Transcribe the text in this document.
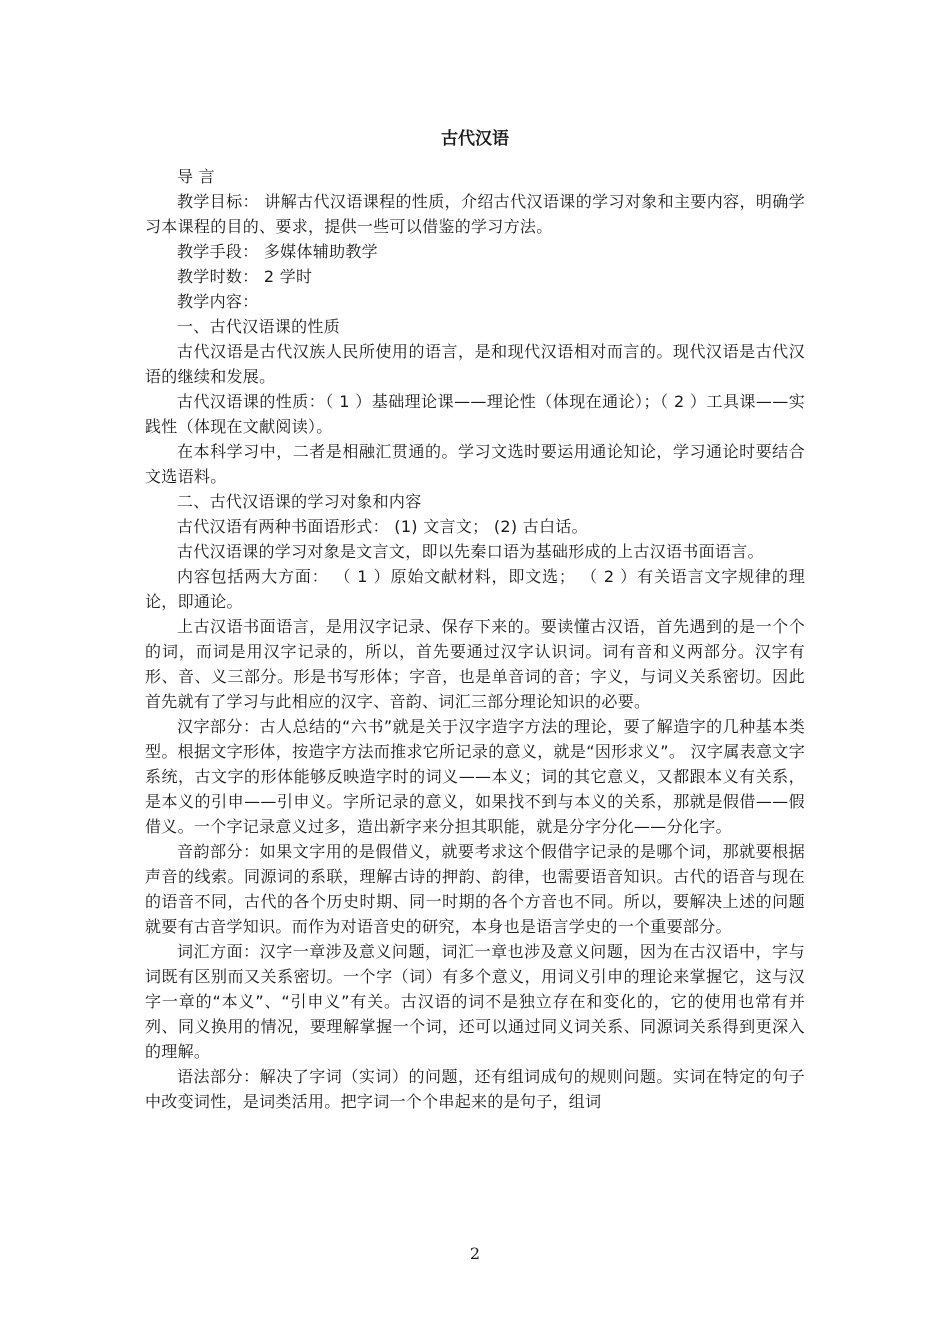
古代汉语

导 言

教学目标： 讲解古代汉语课程的性质，介绍古代汉语课的学习对象和主要内容，明确学习本课程的目的、要求，提供一些可以借鉴的学习方法。

教学手段： 多媒体辅助教学

教学时数： 2 学时

教学内容：

一、古代汉语课的性质

古代汉语是古代汉族人民所使用的语言，是和现代汉语相对而言的。现代汉语是古代汉语的继续和发展。

古代汉语课的性质：（ 1 ）基础理论课——理论性（体现在通论）；（ 2 ）工具课——实践性（体现在文献阅读）。

在本科学习中，二者是相融汇贯通的。学习文选时要运用通论知论，学习通论时要结合文选语料。

二、古代汉语课的学习对象和内容

古代汉语有两种书面语形式： (1) 文言文； (2) 古白话。

古代汉语课的学习对象是文言文，即以先秦口语为基础形成的上古汉语书面语言。

内容包括两大方面： （ 1 ）原始文献材料，即文选； （ 2 ）有关语言文字规律的理论，即通论。

上古汉语书面语言，是用汉字记录、保存下来的。要读懂古汉语，首先遇到的是一个个的词，而词是用汉字记录的，所以，首先要通过汉字认识词。词有音和义两部分。汉字有形、音、义三部分。形是书写形体；字音，也是单音词的音；字义，与词义关系密切。因此首先就有了学习与此相应的汉字、音韵、词汇三部分理论知识的必要。

汉字部分：古人总结的“六书”就是关于汉字造字方法的理论，要了解造字的几种基本类型。根据文字形体，按造字方法而推求它所记录的意义，就是“因形求义”。 汉字属表意文字系统，古文字的形体能够反映造字时的词义——本义；词的其它意义，又都跟本义有关系，是本义的引申——引申义。字所记录的意义，如果找不到与本义的关系，那就是假借——假借义。一个字记录意义过多，造出新字来分担其职能，就是分字分化——分化字。

音韵部分：如果文字用的是假借义，就要考求这个假借字记录的是哪个词，那就要根据声音的线索。同源词的系联，理解古诗的押韵、韵律，也需要语音知识。古代的语音与现在的语音不同，古代的各个历史时期、同一时期的各个方音也不同。所以，要解决上述的问题就要有古音学知识。而作为对语音史的研究，本身也是语言学史的一个重要部分。

词汇方面：汉字一章涉及意义问题，词汇一章也涉及意义问题，因为在古汉语中，字与词既有区别而又关系密切。一个字（词）有多个意义，用词义引申的理论来掌握它，这与汉字一章的“本义”、“引申义”有关。古汉语的词不是独立存在和变化的，它的使用也常有并列、同义换用的情况，要理解掌握一个词，还可以通过同义词关系、同源词关系得到更深入的理解。

语法部分：解决了字词（实词）的问题，还有组词成句的规则问题。实词在特定的句子中改变词性，是词类活用。把字词一个个串起来的是句子，组词

2
